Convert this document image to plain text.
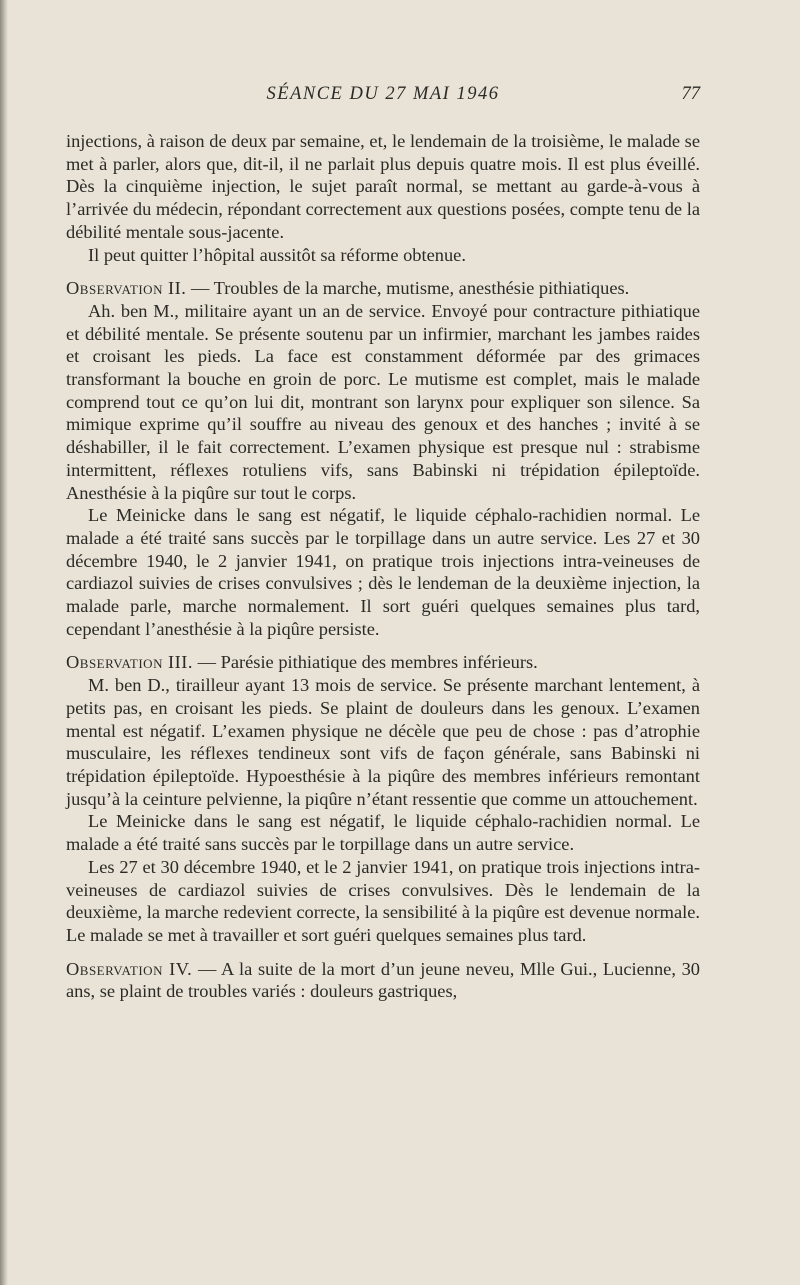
SÉANCE DU 27 MAI 1946	77

injections, à raison de deux par semaine, et, le lendemain de la troisième, le malade se met à parler, alors que, dit-il, il ne parlait plus depuis quatre mois. Il est plus éveillé. Dès la cinquième injection, le sujet paraît normal, se mettant au garde-à-vous à l’arrivée du médecin, répondant correctement aux questions posées, compte tenu de la débilité mentale sous-jacente.

Il peut quitter l’hôpital aussitôt sa réforme obtenue.

Observation II. — Troubles de la marche, mutisme, anesthésie pithiatiques.

Ah. ben M., militaire ayant un an de service. Envoyé pour contracture pithiatique et débilité mentale. Se présente soutenu par un infirmier, marchant les jambes raides et croisant les pieds. La face est constamment déformée par des grimaces transformant la bouche en groin de porc. Le mutisme est complet, mais le malade comprend tout ce qu’on lui dit, montrant son larynx pour expliquer son silence. Sa mimique exprime qu’il souffre au niveau des genoux et des hanches ; invité à se déshabiller, il le fait correctement. L’examen physique est presque nul : strabisme intermittent, réflexes rotuliens vifs, sans Babinski ni trépidation épileptoïde. Anesthésie à la piqûre sur tout le corps.

Le Meinicke dans le sang est négatif, le liquide céphalo-rachidien normal. Le malade a été traité sans succès par le torpillage dans un autre service. Les 27 et 30 décembre 1940, le 2 janvier 1941, on pratique trois injections intra-veineuses de cardiazol suivies de crises convulsives ; dès le lendeman de la deuxième injection, la malade parle, marche normalement. Il sort guéri quelques semaines plus tard, cependant l’anesthésie à la piqûre persiste.

Observation III. — Parésie pithiatique des membres inférieurs.

M. ben D., tirailleur ayant 13 mois de service. Se présente marchant lentement, à petits pas, en croisant les pieds. Se plaint de douleurs dans les genoux. L’examen mental est négatif. L’examen physique ne décèle que peu de chose : pas d’atrophie musculaire, les réflexes tendineux sont vifs de façon générale, sans Babinski ni trépidation épileptoïde. Hypoesthésie à la piqûre des membres inférieurs remontant jusqu’à la ceinture pelvienne, la piqûre n’étant ressentie que comme un attouchement.

Le Meinicke dans le sang est négatif, le liquide céphalo-rachidien normal. Le malade a été traité sans succès par le torpillage dans un autre service.

Les 27 et 30 décembre 1940, et le 2 janvier 1941, on pratique trois injections intra-veineuses de cardiazol suivies de crises convulsives. Dès le lendemain de la deuxième, la marche redevient correcte, la sensibilité à la piqûre est devenue normale. Le malade se met à travailler et sort guéri quelques semaines plus tard.

Observation IV. — A la suite de la mort d’un jeune neveu, Mlle Gui., Lucienne, 30 ans, se plaint de troubles variés : douleurs gastriques,
